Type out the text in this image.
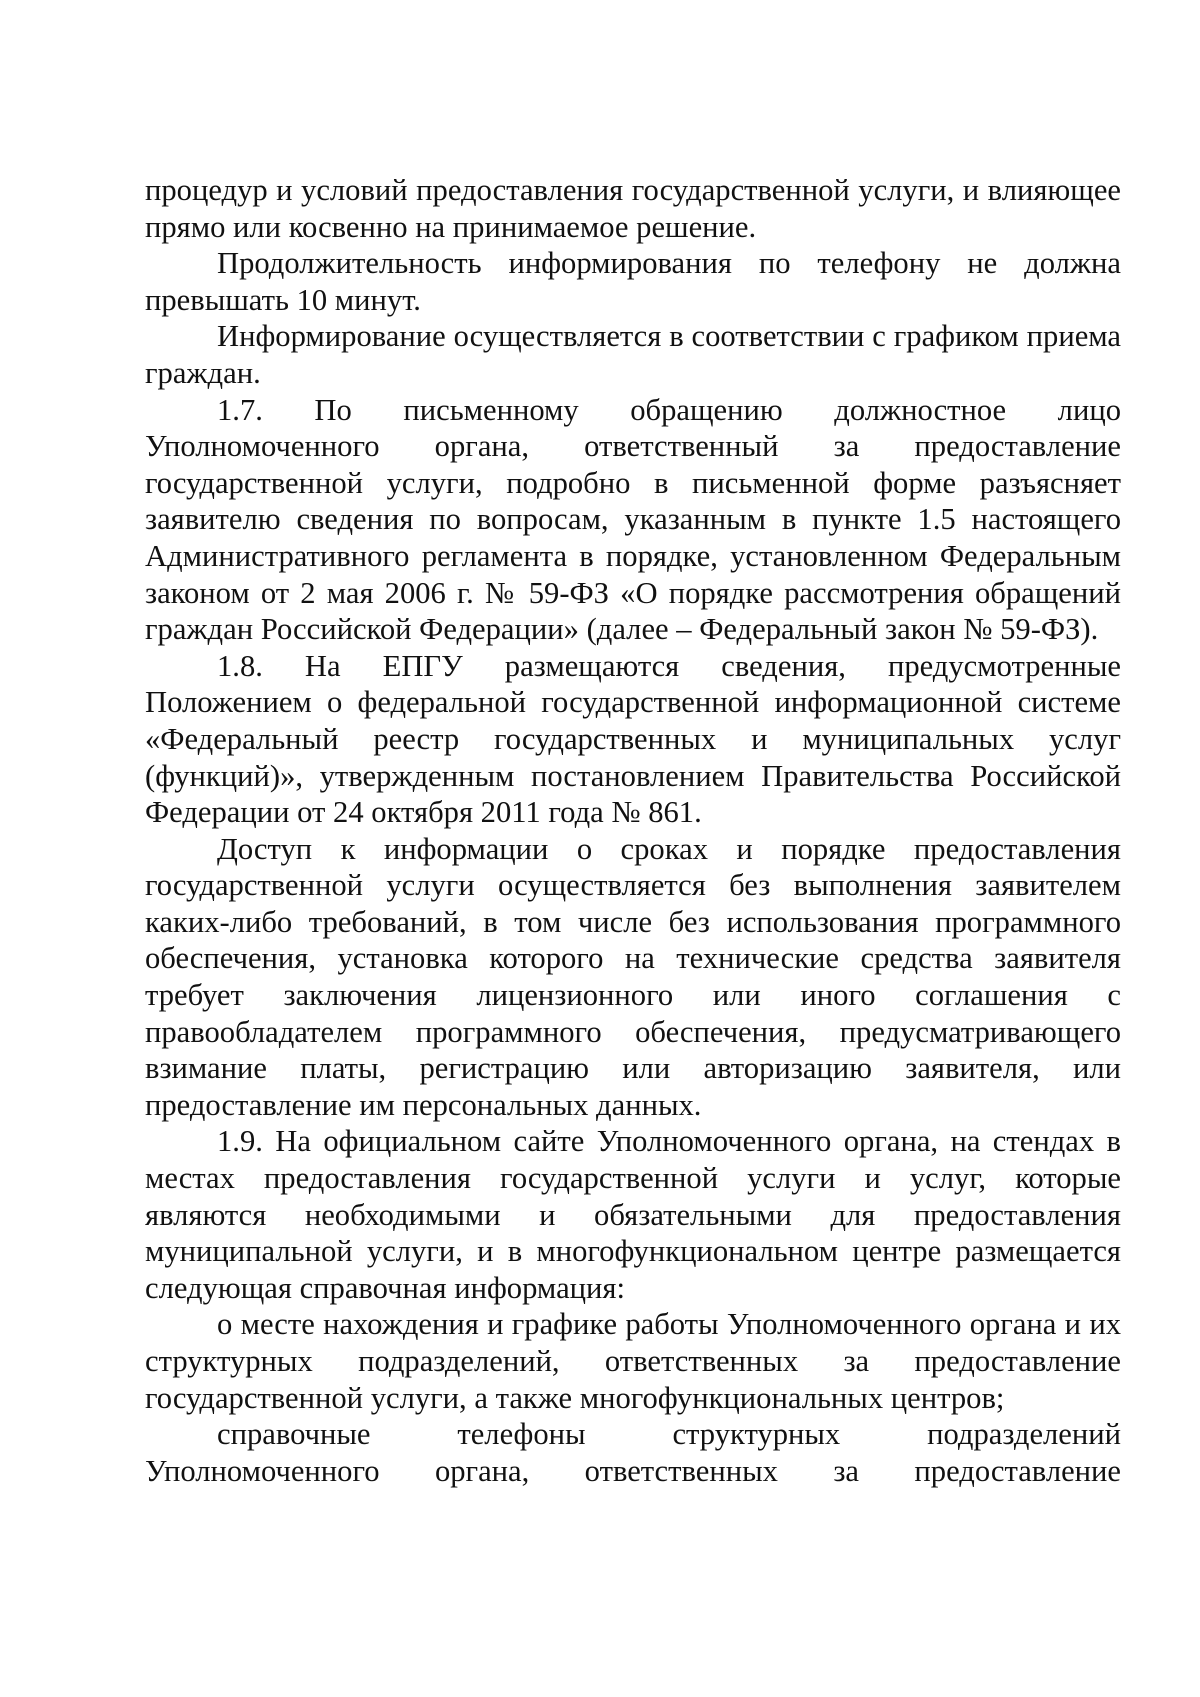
процедур и условий предоставления государственной услуги, и влияющее прямо или косвенно на принимаемое решение.

Продолжительность информирования по телефону не должна превышать 10 минут.

Информирование осуществляется в соответствии с графиком приема граждан.

1.7. По письменному обращению должностное лицо Уполномоченного органа, ответственный за предоставление государственной услуги, подробно в письменной форме разъясняет заявителю сведения по вопросам, указанным в пункте 1.5 настоящего Административного регламента в порядке, установленном Федеральным законом от 2 мая 2006 г. № 59-ФЗ «О порядке рассмотрения обращений граждан Российской Федерации» (далее – Федеральный закон № 59-ФЗ).

1.8. На ЕПГУ размещаются сведения, предусмотренные Положением о федеральной государственной информационной системе «Федеральный реестр государственных и муниципальных услуг (функций)», утвержденным постановлением Правительства Российской Федерации от 24 октября 2011 года № 861.

Доступ к информации о сроках и порядке предоставления государственной услуги осуществляется без выполнения заявителем каких-либо требований, в том числе без использования программного обеспечения, установка которого на технические средства заявителя требует заключения лицензионного или иного соглашения с правообладателем программного обеспечения, предусматривающего взимание платы, регистрацию или авторизацию заявителя, или предоставление им персональных данных.

1.9. На официальном сайте Уполномоченного органа, на стендах в местах предоставления государственной услуги и услуг, которые являются необходимыми и обязательными для предоставления муниципальной услуги, и в многофункциональном центре размещается следующая справочная информация:

о месте нахождения и графике работы Уполномоченного органа и их структурных подразделений, ответственных за предоставление государственной услуги, а также многофункциональных центров;

справочные телефоны структурных подразделений Уполномоченного органа, ответственных за предоставление
